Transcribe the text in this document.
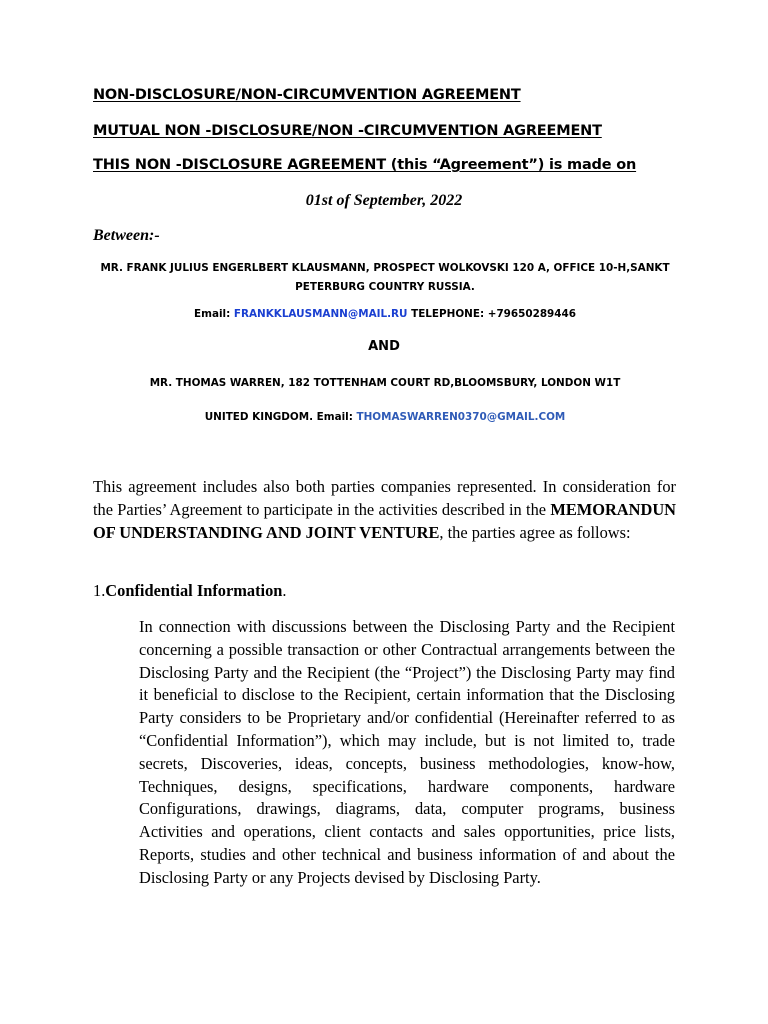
NON-DISCLOSURE/NON-CIRCUMVENTION AGREEMENT
MUTUAL NON -DISCLOSURE/NON -CIRCUMVENTION AGREEMENT
THIS NON -DISCLOSURE AGREEMENT (this “Agreement”) is made on
01st of September, 2022
Between:-
MR. FRANK JULIUS ENGERLBERT KLAUSMANN, PROSPECT WOLKOVSKI 120 A, OFFICE 10-H,SANKT PETERBURG COUNTRY RUSSIA.
Email: FRANKKLAUSMANN@MAIL.RU TELEPHONE: +79650289446
AND
MR. THOMAS WARREN, 182 TOTTENHAM COURT RD,BLOOMSBURY, LONDON W1T
UNITED KINGDOM. Email: THOMASWARREN0370@GMAIL.COM
This agreement includes also both parties companies represented. In consideration for the Parties’ Agreement to participate in the activities described in the MEMORANDUN OF UNDERSTANDING AND JOINT VENTURE, the parties agree as follows:
1.Confidential Information.
In connection with discussions between the Disclosing Party and the Recipient concerning a possible transaction or other Contractual arrangements between the Disclosing Party and the Recipient (the “Project”) the Disclosing Party may find it beneficial to disclose to the Recipient, certain information that the Disclosing Party considers to be Proprietary and/or confidential (Hereinafter referred to as “Confidential Information”), which may include, but is not limited to, trade secrets, Discoveries, ideas, concepts, business methodologies, know-how, Techniques, designs, specifications, hardware components, hardware Configurations, drawings, diagrams, data, computer programs, business Activities and operations, client contacts and sales opportunities, price lists, Reports, studies and other technical and business information of and about the Disclosing Party or any Projects devised by Disclosing Party.
